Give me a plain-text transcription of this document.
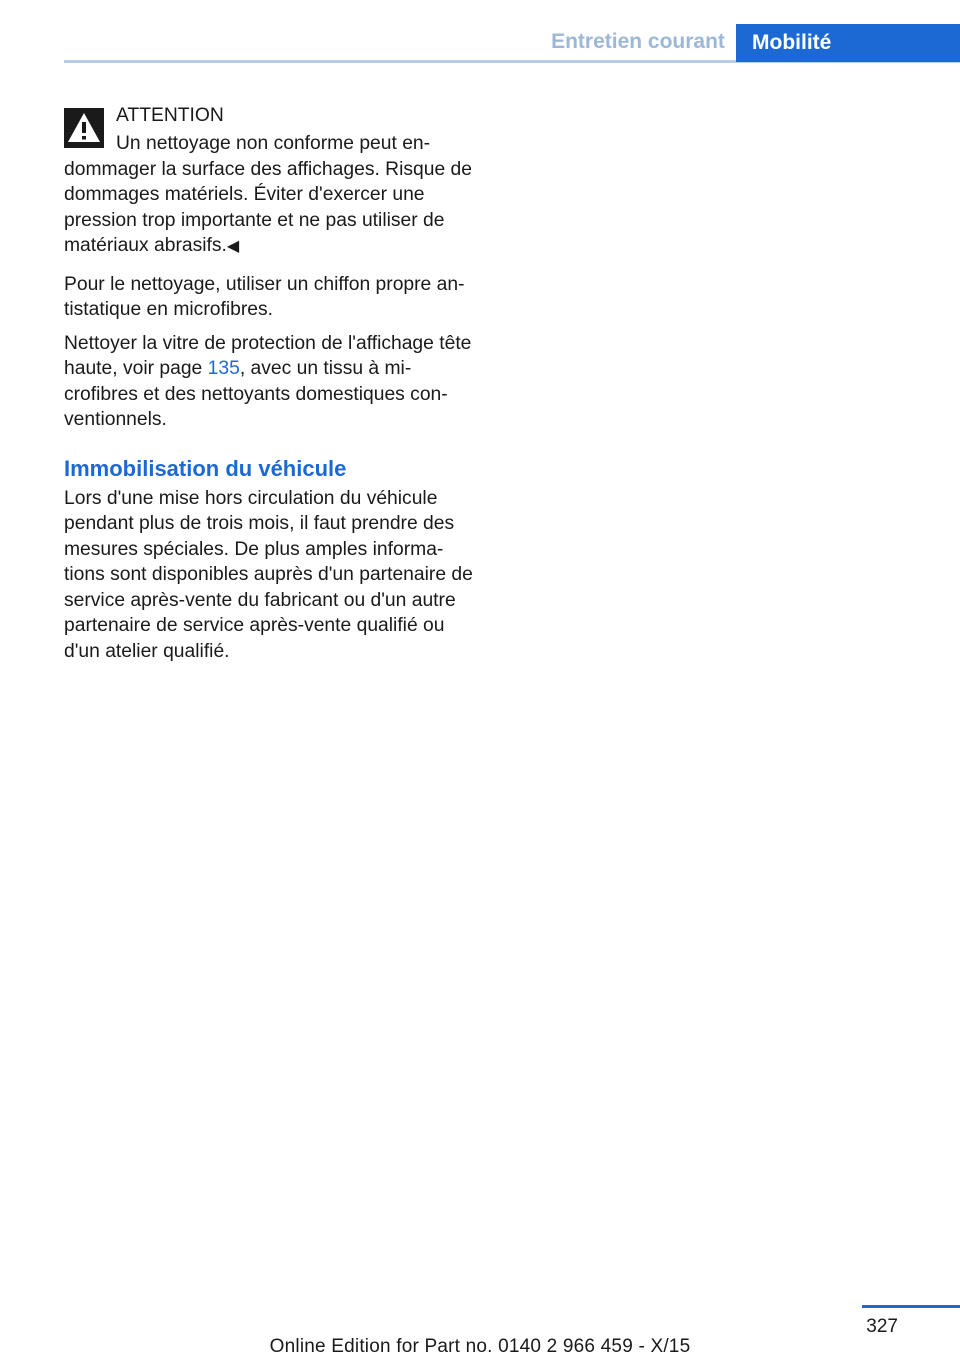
Entretien courant	Mobilité
ATTENTION
Un nettoyage non conforme peut en-
dommager la surface des affichages. Risque de dommages matériels. Éviter d'exercer une pression trop importante et ne pas utiliser de matériaux abrasifs.◀

Pour le nettoyage, utiliser un chiffon propre an-tistatique en microfibres.

Nettoyer la vitre de protection de l'affichage tête haute, voir page 135, avec un tissu à mi-crofibres et des nettoyants domestiques con-ventionnels.

Immobilisation du véhicule

Lors d'une mise hors circulation du véhicule pendant plus de trois mois, il faut prendre des mesures spéciales. De plus amples informa-tions sont disponibles auprès d'un partenaire de service après-vente du fabricant ou d'un autre partenaire de service après-vente qualifié ou d'un atelier qualifié.

327
Online Edition for Part no. 0140 2 966 459 - X/15
